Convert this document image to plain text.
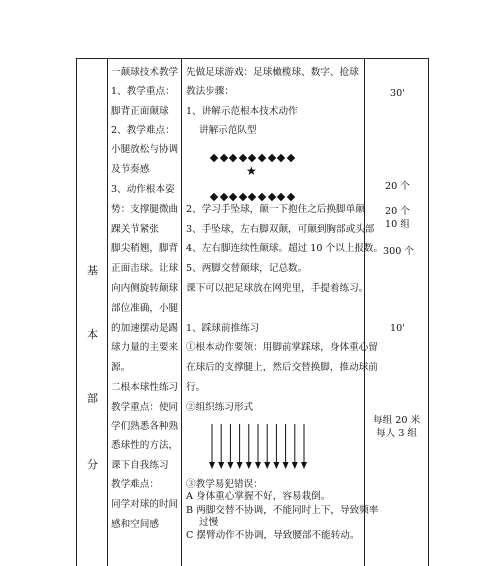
基
本
部
分
一颠球技术教学
1、教学重点：
脚背正面颠球
2、教学难点：
小腿放松与协调
及节奏感
3、动作根本姿
势：支撑腿微曲
踝关节紧张
脚尖稍翘，脚背
正面击球。让球
向内侧旋转颠球
部位准确，小腿
的加速摆动是踢
球力量的主要来
源。
二根本球性练习
教学重点：使同
学们熟悉各种熟
悉球性的方法，
课下自我练习
教学难点：
同学对球的时间
感和空间感
先做足球游戏：足球橄榄球、数字、抢球
教法步骤：
1、讲解示范根本技术动作
讲解示范队型
★
2、学习手坠球，颠一下抱住之后换脚单颠
3、手坠球，左右脚双颠，可颠到胸部或头部
4、左右脚连续性颠球。超过 10 个以上报数。
5、两脚交替颠球，记总数。
课下可以把足球放在网兜里，手提着练习。
1、踩球前推练习
①根本动作要领：用脚前掌踩球，身体重心留
在球后的支撑腿上，然后交替换脚，推动球前
行。
②组织练习形式
③教学易犯错误：
A 身体重心掌握不好，容易栽倒。
B 两脚交替不协调，不能同时上下，导致频率
过慢
C 摆臂动作不协调，导致腰部不能转动。
30'
20 个
20 个
10 组
300 个
10'
每组 20 米
每人 3 组
